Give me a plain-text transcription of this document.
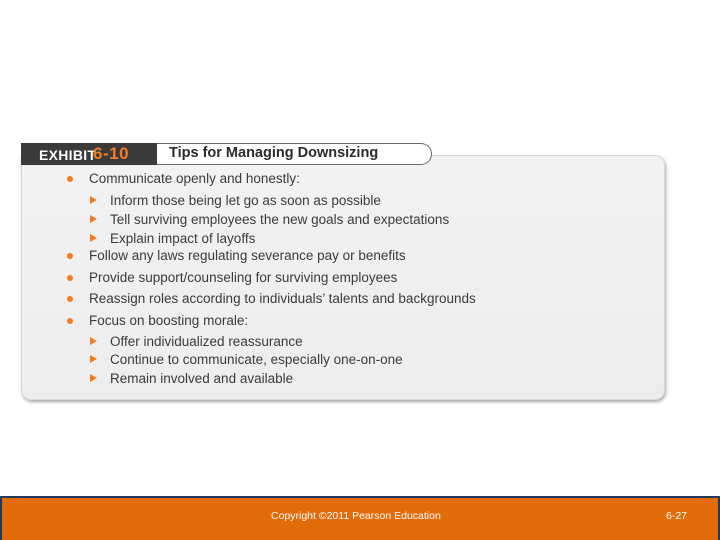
EXHIBIT
6-10	Tips for Managing Downsizing
Communicate openly and honestly:
Inform those being let go as soon as possible
Tell surviving employees the new goals and expectations
Explain impact of layoffs
Follow any laws regulating severance pay or benefits
Provide support/counseling for surviving employees
Reassign roles according to individuals’ talents and backgrounds
Focus on boosting morale:
Offer individualized reassurance
Continue to communicate, especially one-on-one
Remain involved and available
Copyright ©2011 Pearson Education	6-27
